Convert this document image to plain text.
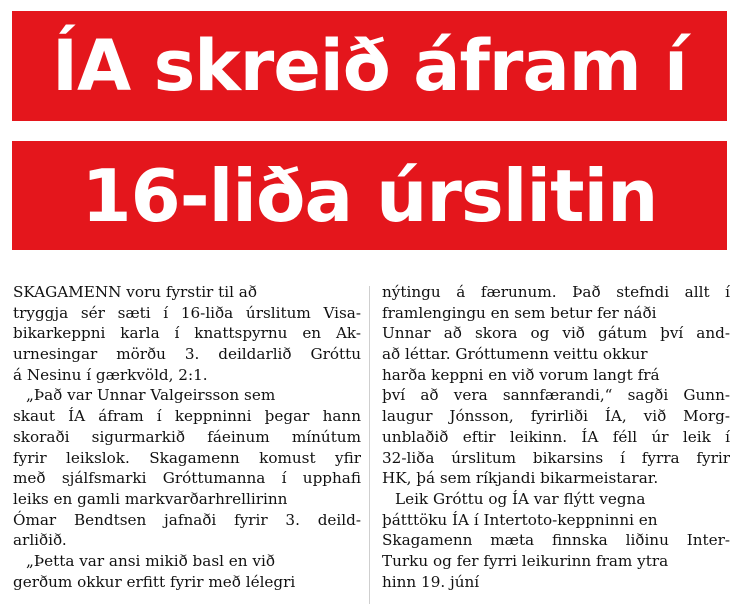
ÍA skreið áfram í
16-liða úrslitin
SKAGAMENN voru fyrstir til að
tryggja sér sæti í 16-liða úrslitum Visa-
bikarkeppni karla í knattspyrnu en Ak-
urnesingar mörðu 3. deildarlið Gróttu
á Nesinu í gærkvöld, 2:1.
„Það var Unnar Valgeirsson sem
skaut ÍA áfram í keppninni þegar hann
skoraði sigurmarkið fáeinum mínútum
fyrir leikslok. Skagamenn komust yfir
með sjálfsmarki Gróttumanna í upphafi
leiks en gamli markvarðarhrellirinn
Ómar Bendtsen jafnaði fyrir 3. deild-
arliðið.
„Þetta var ansi mikið basl en við
gerðum okkur erfitt fyrir með lélegri
nýtingu á færunum. Það stefndi allt í
framlengingu en sem betur fer náði
Unnar að skora og við gátum því and-
að léttar. Gróttumenn veittu okkur
harða keppni en við vorum langt frá
því að vera sannfærandi,“ sagði Gunn-
laugur Jónsson, fyrirliði ÍA, við Morg-
unblaðið eftir leikinn. ÍA féll úr leik í
32-liða úrslitum bikarsins í fyrra fyrir
HK, þá sem ríkjandi bikarmeistarar.
Leik Gróttu og ÍA var flýtt vegna
þátttöku ÍA í Intertoto-keppninni en
Skagamenn mæta finnska liðinu Inter-
Turku og fer fyrri leikurinn fram ytra
hinn 19. júní
